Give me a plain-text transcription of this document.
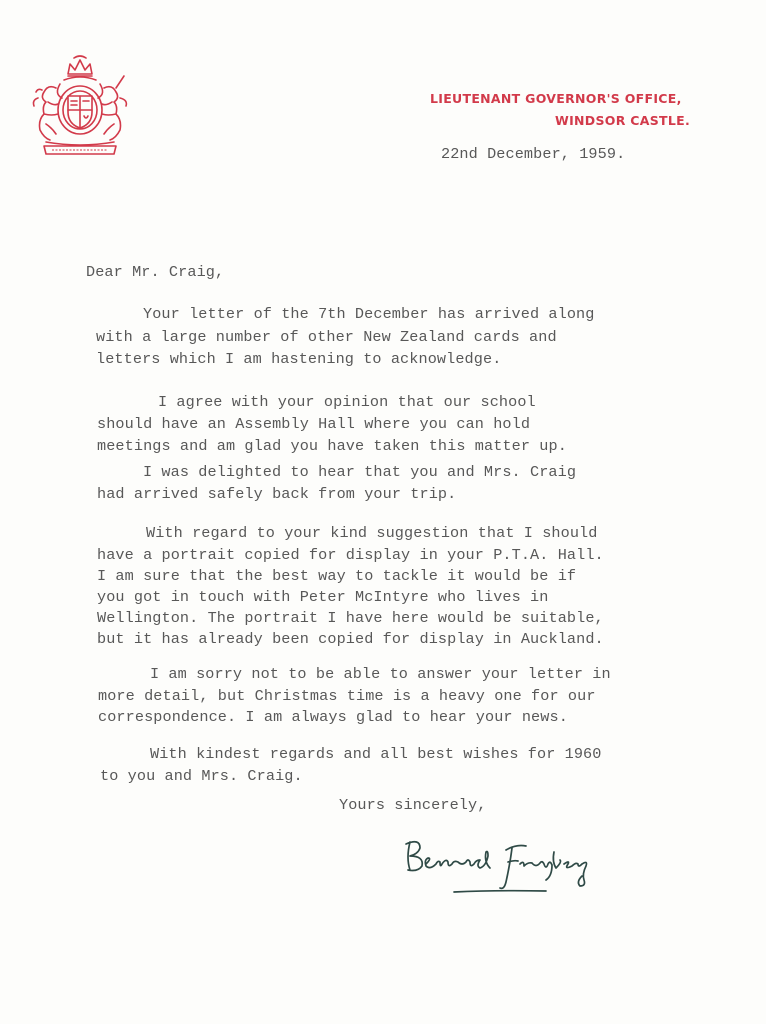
LIEUTENANT GOVERNOR'S OFFICE,
WINDSOR CASTLE.
22nd December, 1959.
Dear Mr. Craig,
Your letter of the 7th December has arrived along
with a large number of other New Zealand cards and
letters which I am hastening to acknowledge.
I agree with your opinion that our school
should have an Assembly Hall where you can hold
meetings and am glad you have taken this matter up.
I was delighted to hear that you and Mrs. Craig
had arrived safely back from your trip.
With regard to your kind suggestion that I should
have a portrait copied for display in your P.T.A. Hall.
I am sure that the best way to tackle it would be if
you got in touch with Peter McIntyre who lives in
Wellington. The portrait I have here would be suitable,
but it has already been copied for display in Auckland.
I am sorry not to be able to answer your letter in
more detail, but Christmas time is a heavy one for our
correspondence. I am always glad to hear your news.
With kindest regards and all best wishes for 1960
to you and Mrs. Craig.
Yours sincerely,
